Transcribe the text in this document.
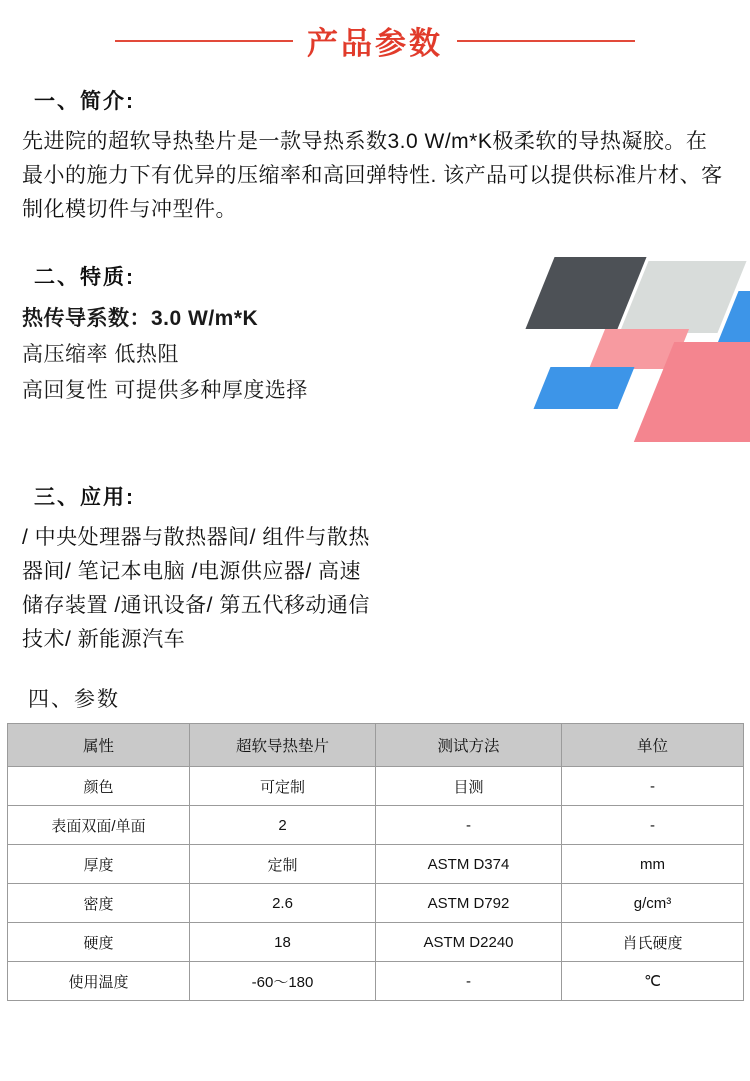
产品参数
一、简介:

先进院的超软导热垫片是一款导热系数3.0 W/m*K极柔软的导热凝胶。在最小的施力下有优异的压缩率和高回弹特性. 该产品可以提供标准片材、客制化模切件与冲型件。

二、特质:

热传导系数：3.0 W/m*K

高压缩率 低热阻

高回复性 可提供多种厚度选择

三、应用:

/ 中央处理器与散热器间/ 组件与散热器间/ 笔记本电脑 /电源供应器/ 高速储存装置 /通讯设备/ 第五代移动通信技术/ 新能源汽车

四、参数
属性	超软导热垫片	测试方法	单位
颜色	可定制	目测	-
表面双面/单面	2	-	-
厚度	定制	ASTM D374	mm
密度	2.6	ASTM D792	g/cm³
硬度	18	ASTM D2240	肖氏硬度
使用温度	-60～180	-	℃
